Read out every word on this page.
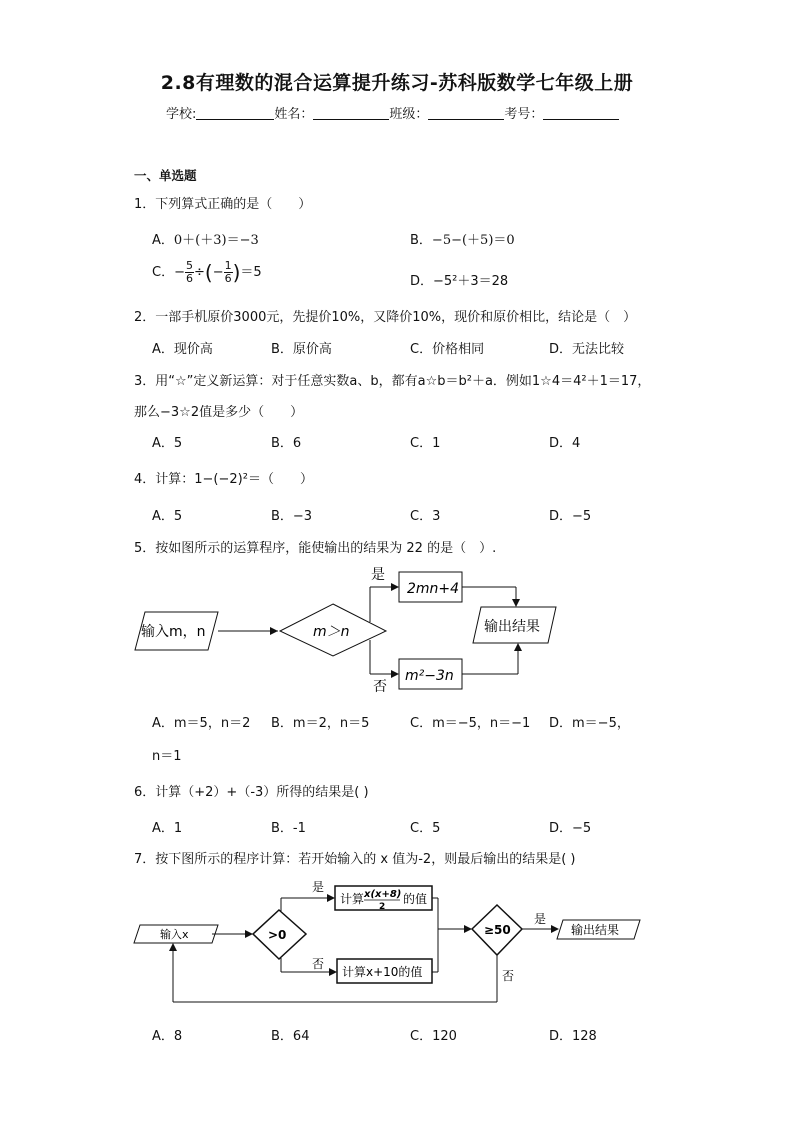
2.8有理数的混合运算提升练习-苏科版数学七年级上册
学校:	姓名：	班级：	考号：
一、单选题
1．下列算式正确的是（　　）
A．0＋(＋3)＝−3	B．−5−(＋5)＝0
C．− $\frac{5}{6}$ ÷(− $\frac{1}{6} )=5$
D．−5²＋3＝28
2．一部手机原价3000元，先提价10%，又降价10%，现价和原价相比，结论是（　）
A．现价高	B．原价高	C．价格相同	D．无法比较
3．用“☆”定义新运算：对于任意实数a、b，都有a☆b＝b²＋a．例如1☆4＝4²＋1＝17，
那么−3☆2值是多少（　　）
A．5	B．6	C．1	D．4
4．计算：1−(−2)²＝（　　）
A．5	B．−3	C．3	D．−5
5．按如图所示的运算程序，能使输出的结果为 22 的是（　）.
输入m，n	m＞n
是
2mn+4
输出结果
否
m²−3n
A．m＝5，n＝2 B．m＝2，n＝5	C．m＝−5，n＝−1 D．m＝−5，
n＝1
6．计算（+2）+（-3）所得的结果是( )
A．1	B．-1	C．5	D．−5
7．按下图所示的程序计算：若开始输入的 x 值为-2，则最后输出的结果是( )
输入x	>0
是
计算 x(x+8)
2
的值
否
计算x+10的值
≥50
是
输出结果
否
A．8	B．64	C．120	D．128
